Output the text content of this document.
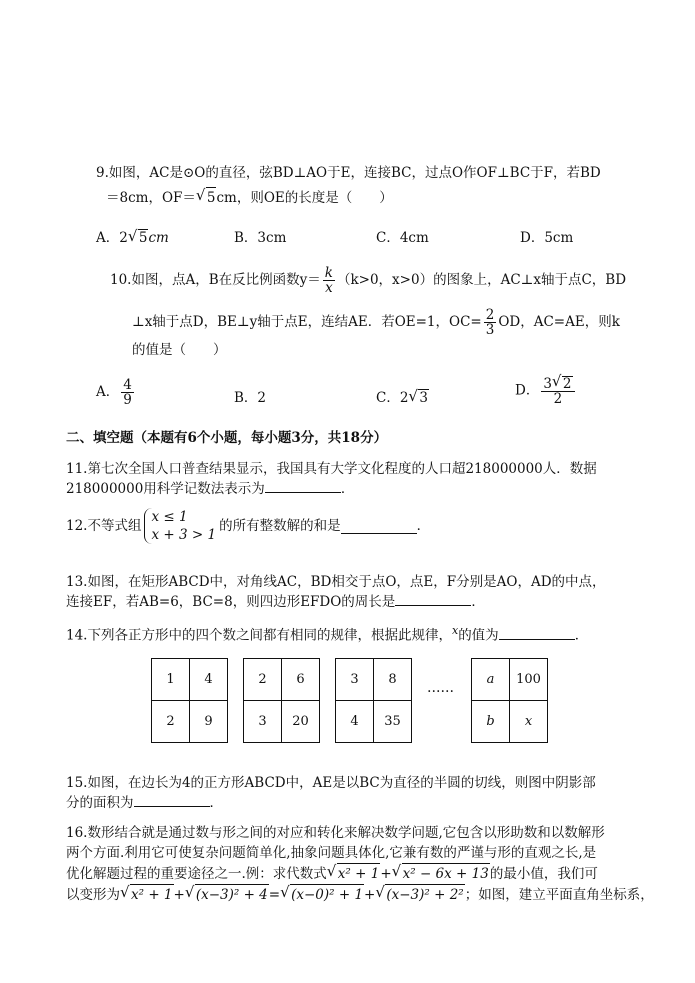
9.如图，AC是⊙O的直径，弦BD⊥AO于E，连接BC，过点O作OF⊥BC于F，若BD
＝8cm，OF＝ √ 5cm，则OE的长度是（　　）
A．2 √ 5cm	B．3cm	C．4cm	D．5cm
10.如图，点A，B在反比例函数$y= \frac{k}{x} (k>0$，x>0）的图象上，AC⊥x轴于点C，BD
⊥x轴于点D，BE⊥y轴于点E，连结AE．若OE=1，$OC= \frac{2}{3}$ OD，AC=AE，则k
的值是（　　）
A． $\frac{4}{9}$	B．2	C．2 √ 3	D． $\frac{3 √ 2}{2}$
二、填空题（本题有6个小题，每小题3分，共18分）
11.第七次全国人口普查结果显示，我国具有大学文化程度的人口超218000000人．数据
218000000用科学记数法表示为	．
12.不等式组
x ≤ 1
x + 3 > 1
的所有整数解的和是	．
13.如图，在矩形ABCD中，对角线AC，BD相交于点O，点E，F分别是AO，AD的中点，
连接EF，若AB=6，BC=8，则四边形EFDO的周长是	．
14.下列各正方形中的四个数之间都有相同的规律，根据此规律，$^x$的值为	．
1	4
2	9
2	6
3	20
3	8
4	35
……
a	100
b	x
15.如图，在边长为4的正方形ABCD中，AE是以BC为直径的半圆的切线，则图中阴影部
分的面积为	．
16.数形结合就是通过数与形之间的对应和转化来解决数学问题,它包含以形助数和以数解形
两个方面.利用它可使复杂问题简单化,抽象问题具体化,它兼有数的严谨与形的直观之长,是
优化解题过程的重要途径之一.例：求代数式 √ x² + 1+ √ x² − 6x + 13的最小值，我们可
以变形为 √ x² + 1+ √ (x−3)² + 4= √ (x−0)² + 1+ √ (x−3)² + 2²；如图，建立平面直角坐标系，
